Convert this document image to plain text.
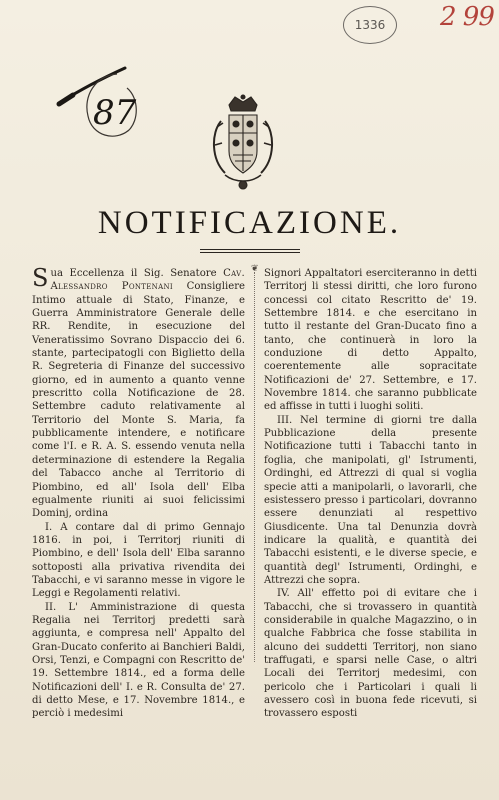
1336 2 99
87
NOTIFICAZIONE.

Sua Eccellenza il Sig. Senatore Cav. Alessandro Pontenani Consigliere Intimo attuale di Stato, Finanze, e Guerra Amministratore Generale delle RR. Rendite, in esecuzione del Veneratissimo Sovrano Dispaccio dei 6. stante, partecipatogli con Biglietto della R. Segreteria di Finanze del successivo giorno, ed in aumento a quanto venne prescritto colla Notificazione de 28. Settembre caduto relativamente al Territorio del Monte S. Maria, fa pubblicamente intendere, e notificare come l'I. e R. A. S. essendo venuta nella determinazione di estendere la Regalia del Tabacco anche al Territorio di Piombino, ed all' Isola dell' Elba egualmente riuniti ai suoi felicissimi Dominj, ordina

I. A contare dal di primo Gennajo 1816. in poi, i Territorj riuniti di Piombino, e dell' Isola dell' Elba saranno sottoposti alla privativa rivendita dei Tabacchi, e vi saranno messe in vigore le Leggi e Regolamenti relativi.

II. L' Amministrazione di questa Regalia nei Territorj predetti sarà aggiunta, e compresa nell' Appalto del Gran-Ducato conferito ai Banchieri Baldi, Orsi, Tenzi, e Compagni con Rescritto de' 19. Settembre 1814., ed a forma delle Notificazioni dell' I. e R. Consulta de' 27. di detto Mese, e 17. Novembre 1814., e perciò i medesimi

❦ Signori Appaltatori eserciteranno in detti Territorj li stessi diritti, che loro furono concessi col citato Rescritto de' 19. Settembre 1814. e che esercitano in tutto il restante del Gran-Ducato fino a tanto, che continuerà in loro la conduzione di detto Appalto, coerentemente alle sopracitate Notificazioni de' 27. Settembre, e 17. Novembre 1814. che saranno pubblicate ed affisse in tutti i luoghi soliti.

III. Nel termine di giorni tre dalla Pubblicazione della presente Notificazione tutti i Tabacchi tanto in foglia, che manipolati, gl' Istrumenti, Ordinghi, ed Attrezzi di qual si voglia specie atti a manipolarli, o lavorarli, che esistessero presso i particolari, dovranno essere denunziati al respettivo Giusdicente. Una tal Denunzia dovrà indicare la qualità, e quantità dei Tabacchi esistenti, e le diverse specie, e quantità degl' Istrumenti, Ordinghi, e Attrezzi che sopra.

IV. All' effetto poi di evitare che i Tabacchi, che si trovassero in quantità considerabile in qualche Magazzino, o in qualche Fabbrica che fosse stabilita in alcuno dei suddetti Territorj, non siano traffugati, e sparsi nelle Case, o altri Locali dei Territorj medesimi, con pericolo che i Particolari i quali li avessero così in buona fede ricevuti, si trovassero esposti
